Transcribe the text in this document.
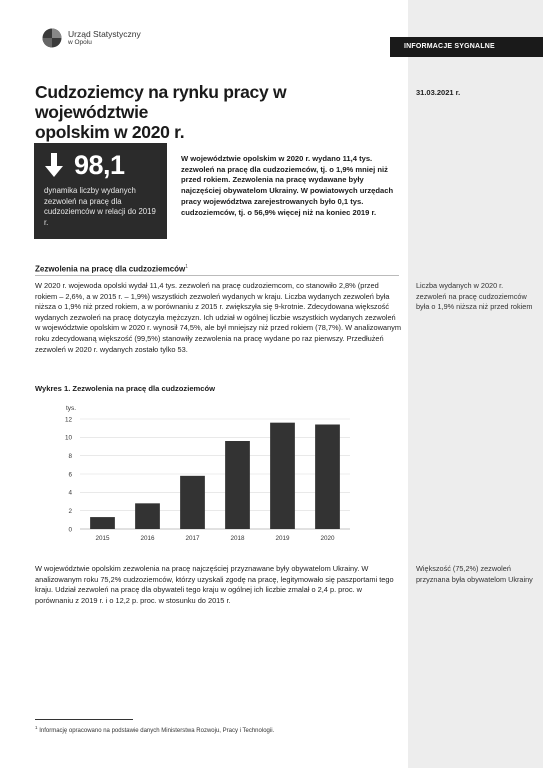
Urząd Statystyczny
w Opolu
INFORMACJE SYGNALNE
Cudzoziemcy na rynku pracy w województwie
opolskim w 2020 r.
31.03.2021 r.
98,1
dynamika liczby wydanych zezwoleń na pracę dla cudzoziemców w relacji do 2019 r.

W województwie opolskim w 2020 r. wydano 11,4 tys. zezwoleń na pracę dla cudzoziemców, tj. o 1,9% mniej niż przed rokiem. Zezwolenia na pracę wydawane były najczęściej obywatelom Ukrainy. W powiatowych urzędach pracy województwa zarejestrowanych było 0,1 tys. cudzoziemców, tj. o 56,9% więcej niż na koniec 2019 r.

Zezwolenia na pracę dla cudzoziemców$^1$

W 2020 r. wojewoda opolski wydał 11,4 tys. zezwoleń na pracę cudzoziemcom, co stanowiło 2,8% (przed rokiem – 2,6%, a w 2015 r. – 1,9%) wszystkich zezwoleń wydanych w kraju. Liczba wydanych zezwoleń była niższa o 1,9% niż przed rokiem, a w porównaniu z 2015 r. zwiększyła się 9-krotnie. Zdecydowana większość wydanych zezwoleń na pracę dotyczyła mężczyzn. Ich udział w ogólnej liczbie wszystkich wydanych zezwoleń w województwie opolskim w 2020 r. wynosił 74,5%, ale był mniejszy niż przed rokiem (78,7%). W analizowanym roku zdecydowaną większość (99,5%) stanowiły zezwolenia na pracę wydane po raz pierwszy. Przedłużeń zezwoleń w 2020 r. wydanych zostało tylko 53.

Liczba wydanych w 2020 r. zezwoleń na pracę cudzoziemców była o 1,9% niższa niż przed rokiem

Wykres 1. Zezwolenia na pracę dla cudzoziemców
tys.
0
2
4
6
8
10
12
2015	2016	2017	2018	2019	2020

W województwie opolskim zezwolenia na pracę najczęściej przyznawane były obywatelom Ukrainy. W analizowanym roku 75,2% cudzoziemców, którzy uzyskali zgodę na pracę, legitymowało się paszportami tego kraju. Udział zezwoleń na pracę dla obywateli tego kraju w ogólnej ich liczbie zmalał o 2,4 p. proc. w porównaniu z 2019 r. i o 12,2 p. proc. w stosunku do 2015 r.

Większość (75,2%) zezwoleń przyznana była obywatelom Ukrainy

$^1$ Informację opracowano na podstawie danych Ministerstwa Rozwoju, Pracy i Technologii.
